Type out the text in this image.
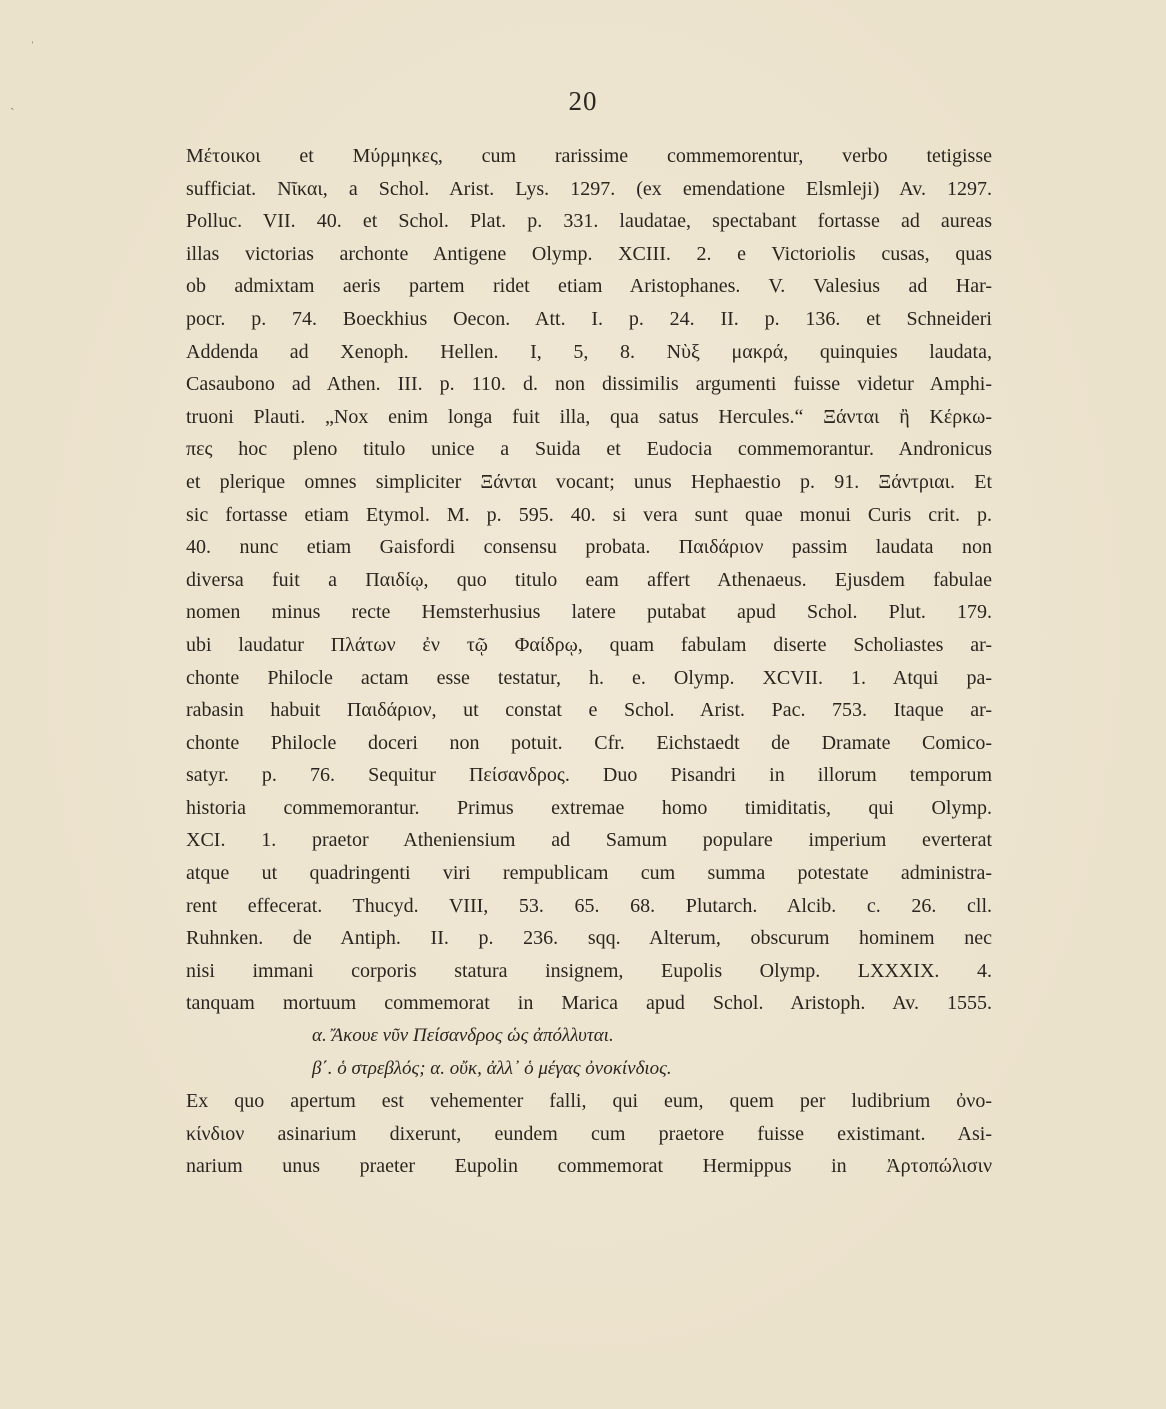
20
Μέτοικοι et Μύρμηκες, cum rarissime commemorentur, verbo tetigisse
sufficiat. Νῖκαι, a Schol. Arist. Lys. 1297. (ex emendatione Elsmleji) Av. 1297.
Polluc. VII. 40. et Schol. Plat. p. 331. laudatae, spectabant fortasse ad aureas
illas victorias archonte Antigene Olymp. XCIII. 2. e Victoriolis cusas, quas
ob admixtam aeris partem ridet etiam Aristophanes. V. Valesius ad Har-
pocr. p. 74. Boeckhius Oecon. Att. I. p. 24. II. p. 136. et Schneideri
Addenda ad Xenoph. Hellen. I, 5, 8. Νὺξ μακρά, quinquies laudata,
Casaubono ad Athen. III. p. 110. d. non dissimilis argumenti fuisse videtur Amphi-
truoni Plauti. „Nox enim longa fuit illa, qua satus Hercules.“ Ξάνται ἢ Κέρκω-
πες hoc pleno titulo unice a Suida et Eudocia commemorantur. Andronicus
et plerique omnes simpliciter Ξάνται vocant; unus Hephaestio p. 91. Ξάντριαι. Et
sic fortasse etiam Etymol. M. p. 595. 40. si vera sunt quae monui Curis crit. p.
40. nunc etiam Gaisfordi consensu probata. Παιδάριον passim laudata non
diversa fuit a Παιδίῳ, quo titulo eam affert Athenaeus. Ejusdem fabulae
nomen minus recte Hemsterhusius latere putabat apud Schol. Plut. 179.
ubi laudatur Πλάτων ἐν τῷ Φαίδρῳ, quam fabulam diserte Scholiastes ar-
chonte Philocle actam esse testatur, h. e. Olymp. XCVII. 1. Atqui pa-
rabasin habuit Παιδάριον, ut constat e Schol. Arist. Pac. 753. Itaque ar-
chonte Philocle doceri non potuit. Cfr. Eichstaedt de Dramate Comico-
satyr. p. 76. Sequitur Πείσανδρος. Duo Pisandri in illorum temporum
historia commemorantur. Primus extremae homo timiditatis, qui Olymp.
XCI. 1. praetor Atheniensium ad Samum populare imperium everterat
atque ut quadringenti viri rempublicam cum summa potestate administra-
rent effecerat. Thucyd. VIII, 53. 65. 68. Plutarch. Alcib. c. 26. cll.
Ruhnken. de Antiph. II. p. 236. sqq. Alterum, obscurum hominem nec
nisi immani corporis statura insignem, Eupolis Olymp. LXXXIX. 4.
tanquam mortuum commemorat in Marica apud Schol. Aristoph. Av. 1555.
α. Ἄκουε νῦν Πείσανδρος ὡς ἀπόλλυται.
β΄. ὁ στρεβλός; α. οὔκ, ἀλλ᾽ ὁ μέγας ὀνοκίνδιος.
Ex quo apertum est vehementer falli, qui eum, quem per ludibrium ὀνο-
κίνδιον asinarium dixerunt, eundem cum praetore fuisse existimant. Asi-
narium unus praeter Eupolin commemorat Hermippus in Ἀρτοπώλισιν
ˈ
ˏ
